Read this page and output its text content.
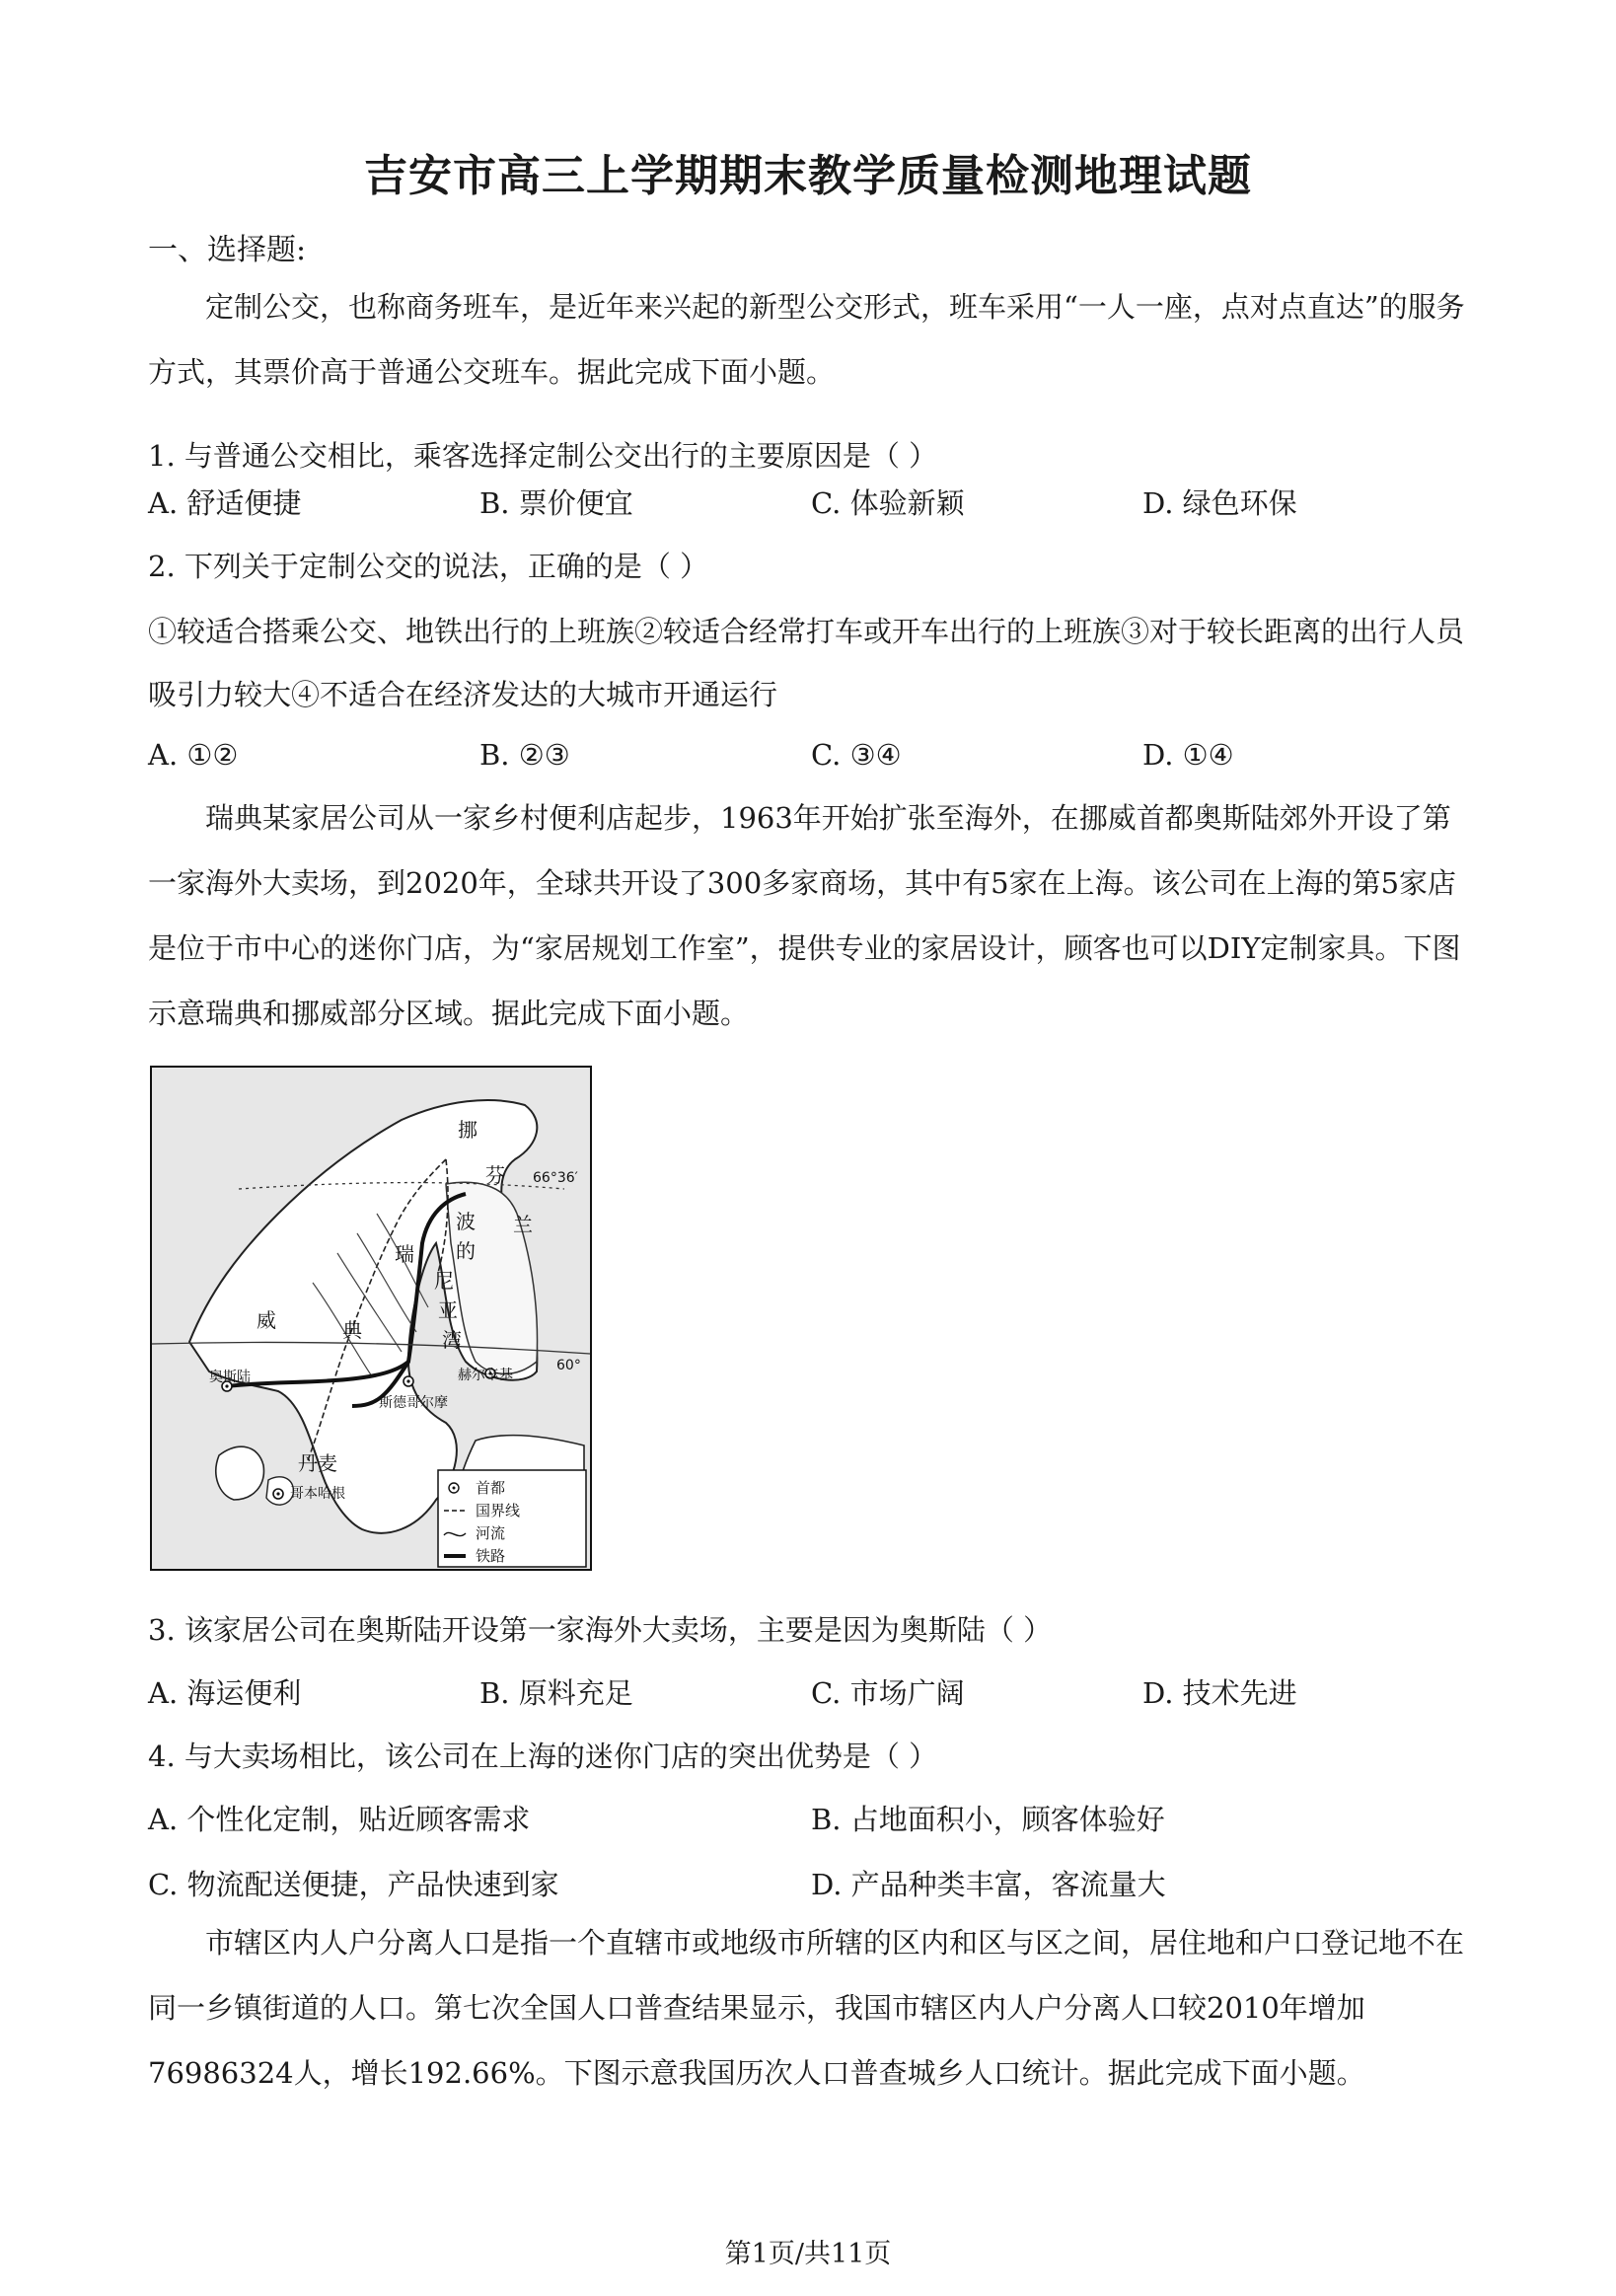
吉安市高三上学期期末教学质量检测地理试题
一、选择题:
定制公交，也称商务班车，是近年来兴起的新型公交形式，班车采用“一人一座，点对点直达”的服务方式，其票价高于普通公交班车。据此完成下面小题。
1. 与普通公交相比，乘客选择定制公交出行的主要原因是（ ）
A. 舒适便捷	B. 票价便宜	C. 体验新颖	D. 绿色环保
2. 下列关于定制公交的说法，正确的是（ ）
①较适合搭乘公交、地铁出行的上班族②较适合经常打车或开车出行的上班族③对于较长距离的出行人员
吸引力较大④不适合在经济发达的大城市开通运行
A. ①②	B. ②③	C. ③④	D. ①④
瑞典某家居公司从一家乡村便利店起步，1963年开始扩张至海外，在挪威首都奥斯陆郊外开设了第一家海外大卖场，到2020年，全球共开设了300多家商场，其中有5家在上海。该公司在上海的第5家店是位于市中心的迷你门店，为“家居规划工作室”，提供专业的家居设计，顾客也可以DIY定制家具。下图示意瑞典和挪威部分区域。据此完成下面小题。
挪
威
芬
兰
瑞
典
波
的
尼
亚
湾
丹麦
奥斯陆
斯德哥尔摩
赫尔辛基
哥本哈根
66°36′
60°
首都
国界线
河流
铁路
3. 该家居公司在奥斯陆开设第一家海外大卖场，主要是因为奥斯陆（ ）
A. 海运便利	B. 原料充足	C. 市场广阔	D. 技术先进
4. 与大卖场相比，该公司在上海的迷你门店的突出优势是（ ）
A. 个性化定制，贴近顾客需求	B. 占地面积小，顾客体验好
C. 物流配送便捷，产品快速到家	D. 产品种类丰富，客流量大
市辖区内人户分离人口是指一个直辖市或地级市所辖的区内和区与区之间，居住地和户口登记地不在同一乡镇街道的人口。第七次全国人口普查结果显示，我国市辖区内人户分离人口较2010年增加76986324人，增长192.66%。下图示意我国历次人口普查城乡人口统计。据此完成下面小题。
第1页/共11页
